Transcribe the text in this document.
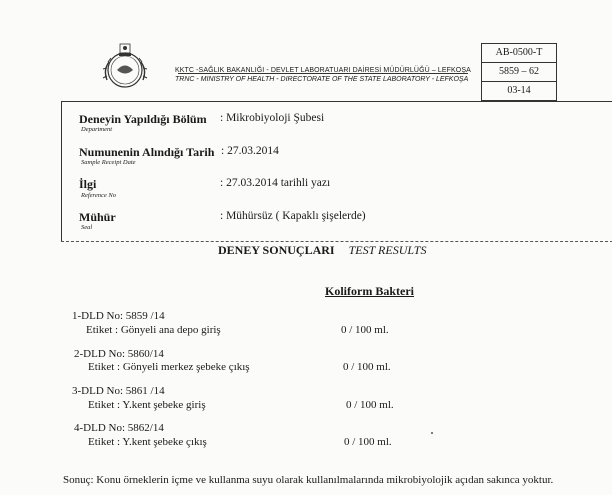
KKTC -SAĞLIK BAKANLIĞI - DEVLET LABORATUARI DAİRESİ MÜDÜRLÜĞÜ – LEFKOŞA
TRNC - MINISTRY OF HEALTH - DIRECTORATE OF THE STATE LABORATORY - LEFKOŞA
AB-0500-T
5859 – 62
03-14
Deneyin Yapıldığı Bölüm
Department
: Mikrobiyoloji Şubesi
Numunenin Alındığı Tarih
Sample Receipt Date
: 27.03.2014
İlgi
Reference No
: 27.03.2014 tarihli yazı
Mühür
Seal
: Mühürsüz ( Kapaklı şişelerde)
DENEY SONUÇLARI TEST RESULTS
Koliform Bakteri
1-DLD No: 5859 /14
Etiket : Gönyeli ana depo giriş	0 / 100 ml.
2-DLD No: 5860/14
Etiket : Gönyeli merkez şebeke çıkış	0 / 100 ml.
3-DLD No: 5861 /14
Etiket : Y.kent şebeke giriş	0 / 100 ml.
4-DLD No: 5862/14
Etiket : Y.kent şebeke çıkış	0 / 100 ml.
Sonuç: Konu örneklerin içme ve kullanma suyu olarak kullanılmalarında mikrobiyolojik açıdan sakınca yoktur.
